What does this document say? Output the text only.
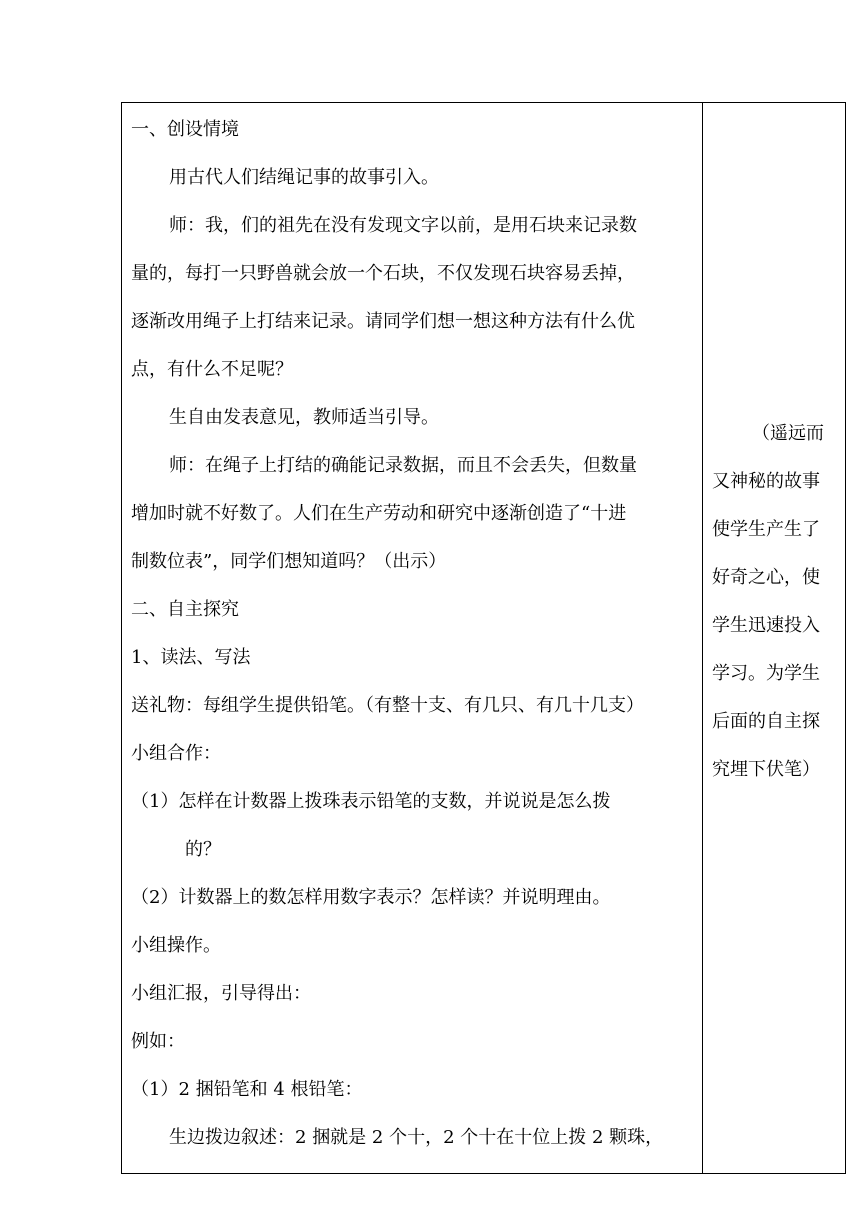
一、创设情境

用古代人们结绳记事的故事引入。

师：我，们的祖先在没有发现文字以前，是用石块来记录数

量的，每打一只野兽就会放一个石块，不仅发现石块容易丢掉，

逐渐改用绳子上打结来记录。请同学们想一想这种方法有什么优

点，有什么不足呢？

生自由发表意见，教师适当引导。

师：在绳子上打结的确能记录数据，而且不会丢失，但数量

增加时就不好数了。人们在生产劳动和研究中逐渐创造了“十进

制数位表”，同学们想知道吗？（出示）

二、自主探究

1、读法、写法

送礼物：每组学生提供铅笔。（有整十支、有几只、有几十几支）

小组合作：

（1）怎样在计数器上拨珠表示铅笔的支数，并说说是怎么拨

的？

（2）计数器上的数怎样用数字表示？怎样读？并说明理由。

小组操作。

小组汇报，引导得出：

例如：

（1）2 捆铅笔和 4 根铅笔：

生边拨边叙述：2 捆就是 2 个十，2 个十在十位上拨 2 颗珠，

（遥远而

又神秘的故事

使学生产生了

好奇之心，使

学生迅速投入

学习。为学生

后面的自主探

究埋下伏笔）
